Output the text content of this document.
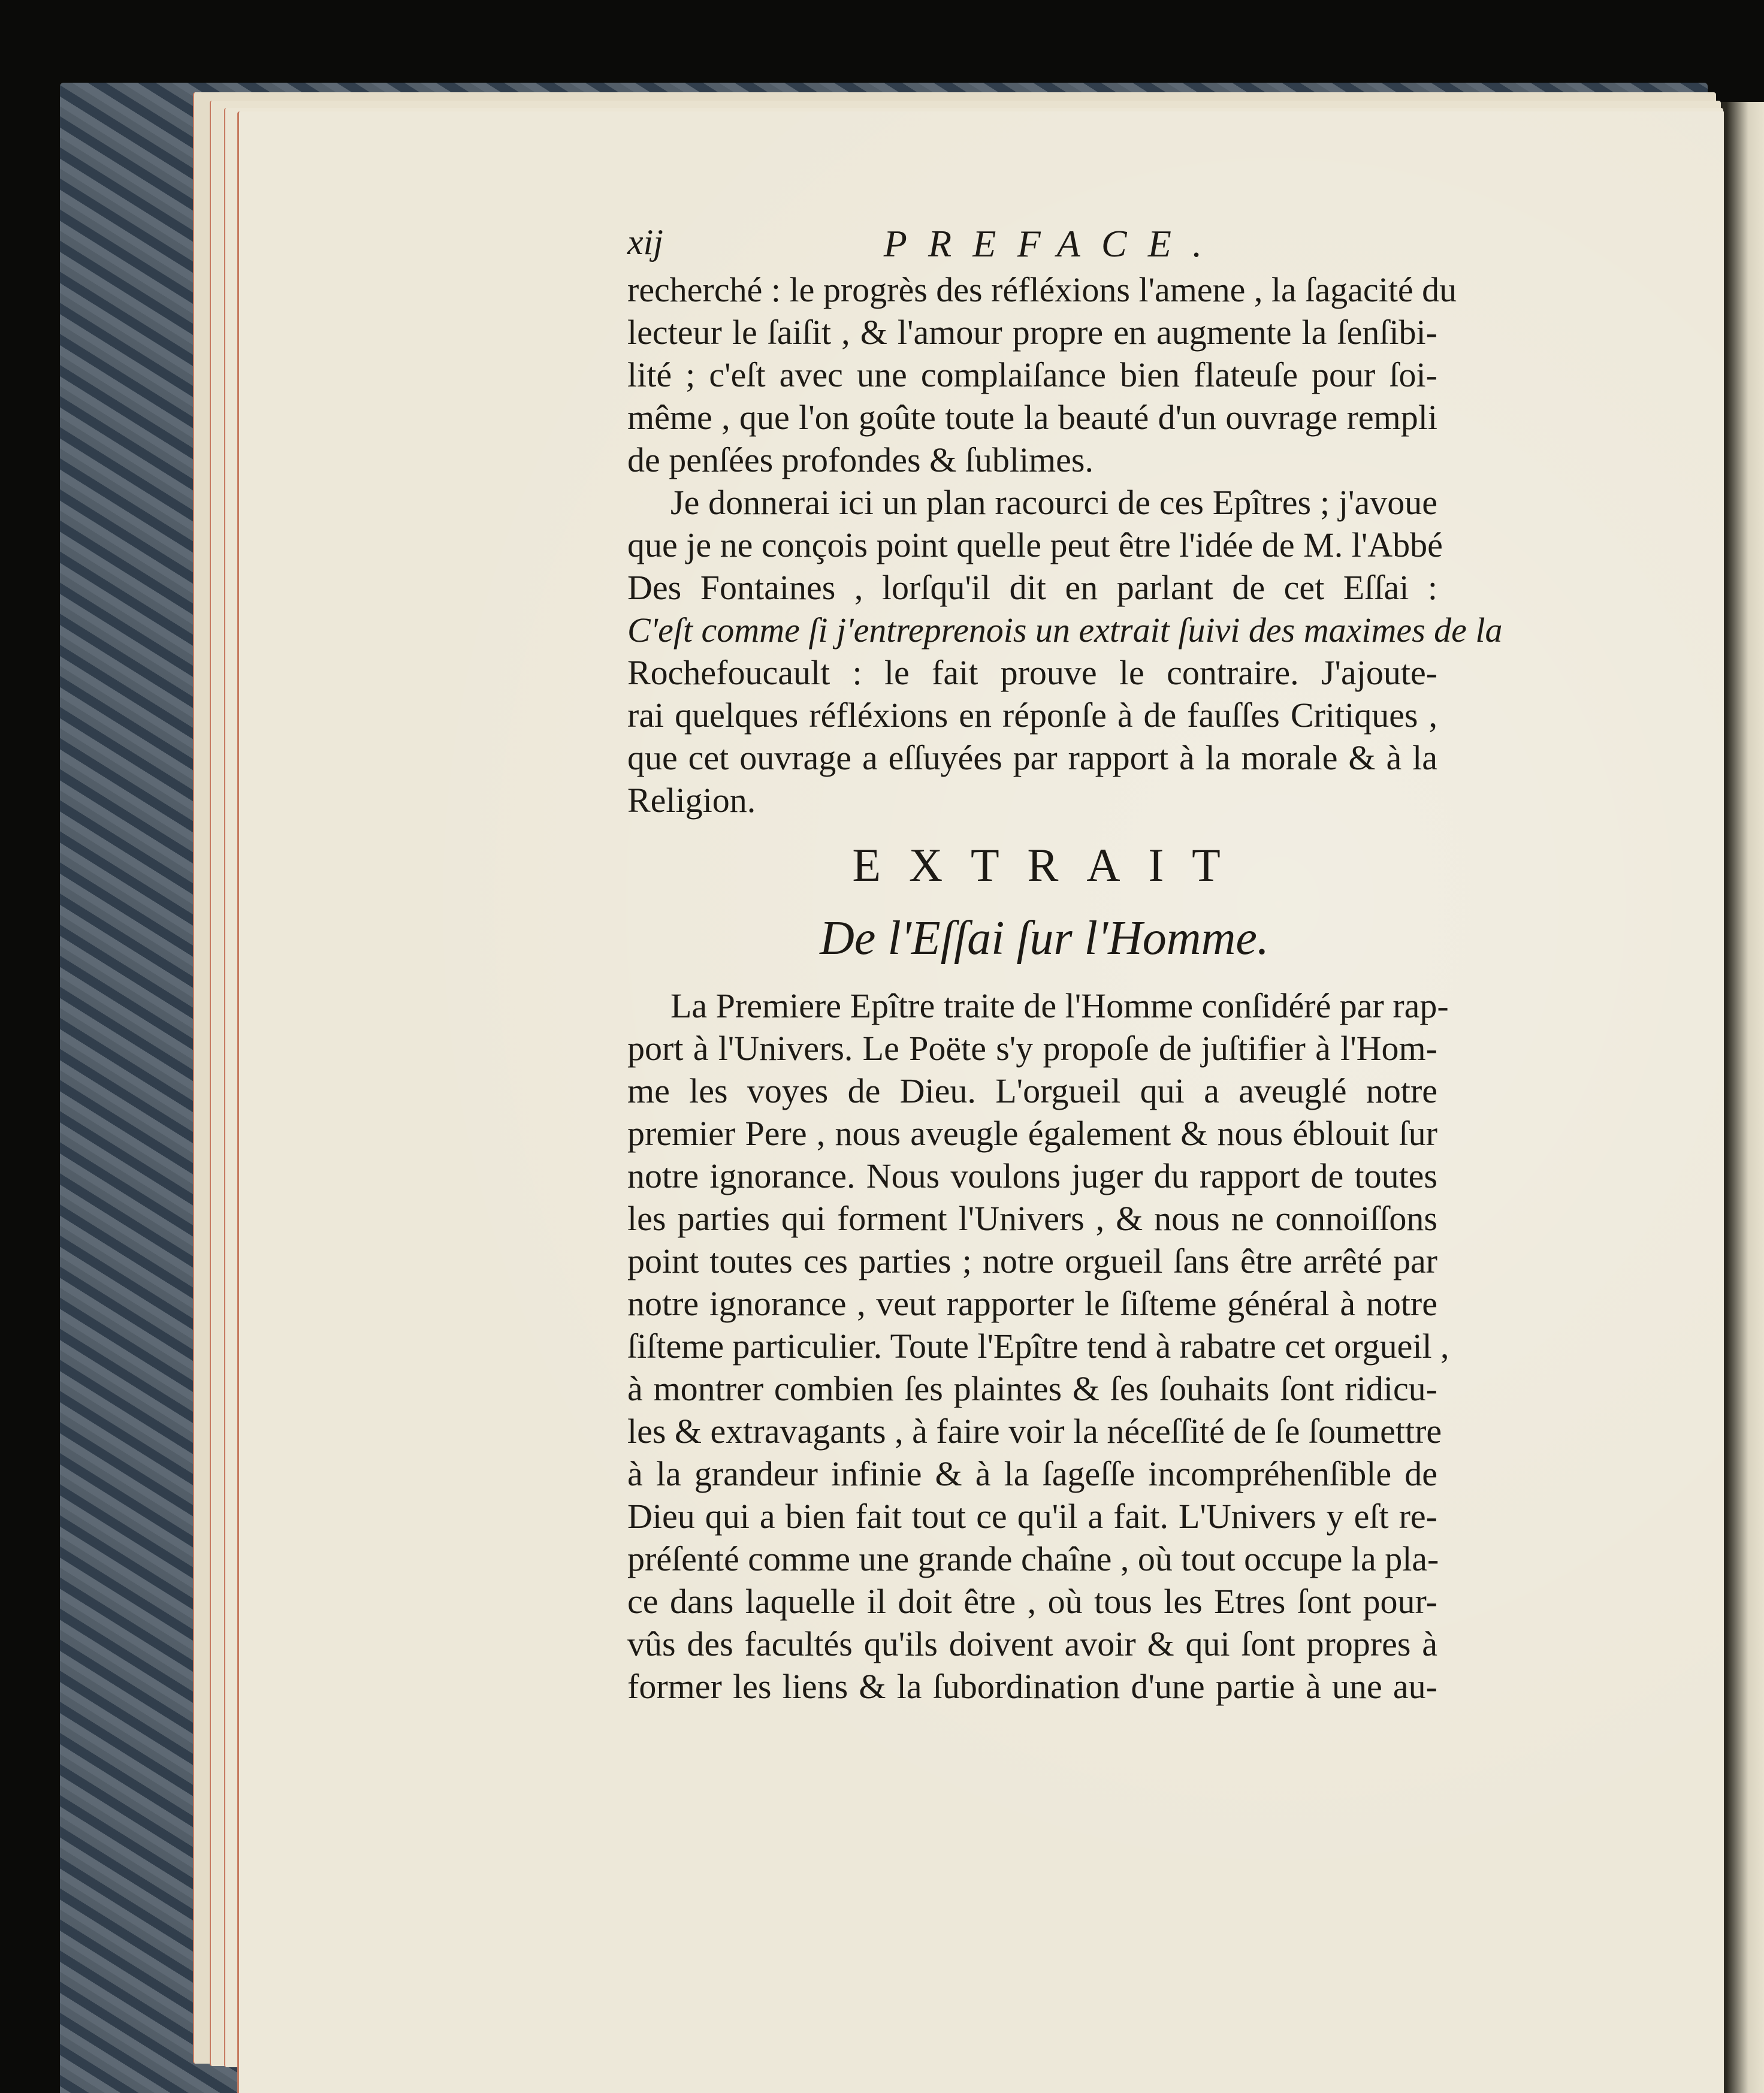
xij	PREFACE.

recherché : le progrès des réfléxions l'amene , la ſagacité du
lecteur le ſaiſit , & l'amour propre en augmente la ſenſibi-
lité ; c'eſt avec une complaiſance bien flateuſe pour ſoi-
même , que l'on goûte toute la beauté d'un ouvrage rempli
de penſées profondes & ſublimes.

Je donnerai ici un plan racourci de ces Epîtres ; j'avoue
que je ne conçois point quelle peut être l'idée de M. l'Abbé
Des Fontaines , lorſqu'il dit en parlant de cet Eſſai :
C'eſt comme ſi j'entreprenois un extrait ſuivi des maximes de la
Rochefoucault : le fait prouve le contraire. J'ajoute-
rai quelques réfléxions en réponſe à de fauſſes Critiques ,
que cet ouvrage a eſſuyées par rapport à la morale & à la
Religion.

EXTRAIT
De l'Eſſai ſur l'Homme.

La Premiere Epître traite de l'Homme conſidéré par rap-
port à l'Univers. Le Poëte s'y propoſe de juſtifier à l'Hom-
me les voyes de Dieu. L'orgueil qui a aveuglé notre
premier Pere , nous aveugle également & nous éblouit ſur
notre ignorance. Nous voulons juger du rapport de toutes
les parties qui forment l'Univers , & nous ne connoiſſons
point toutes ces parties ; notre orgueil ſans être arrêté par
notre ignorance , veut rapporter le ſiſteme général à notre
ſiſteme particulier. Toute l'Epître tend à rabatre cet orgueil ,
à montrer combien ſes plaintes & ſes ſouhaits ſont ridicu-
les & extravagants , à faire voir la néceſſité de ſe ſoumettre
à la grandeur infinie & à la ſageſſe incompréhenſible de
Dieu qui a bien fait tout ce qu'il a fait. L'Univers y eſt re-
préſenté comme une grande chaîne , où tout occupe la pla-
ce dans laquelle il doit être , où tous les Etres ſont pour-
vûs des facultés qu'ils doivent avoir & qui ſont propres à
former les liens & la ſubordination d'une partie à une au-
